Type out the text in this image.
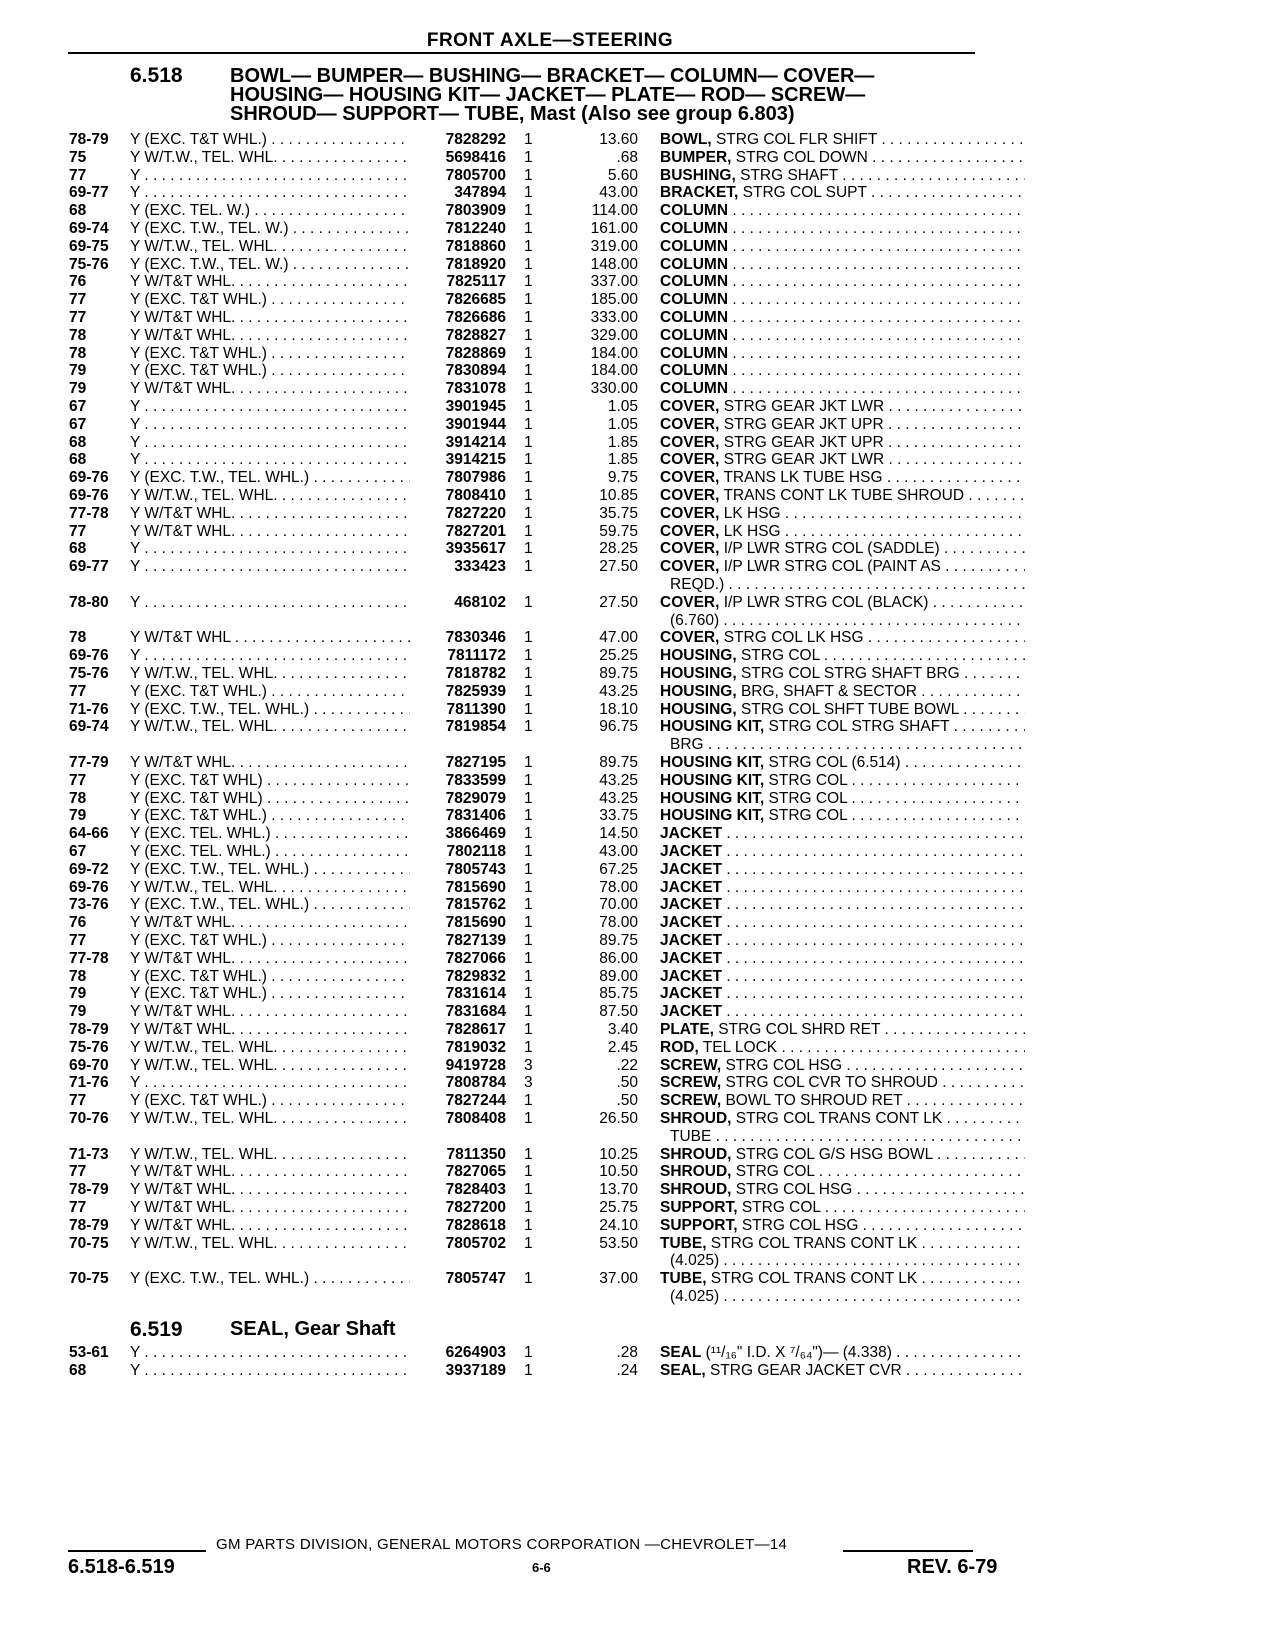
FRONT AXLE—STEERING
6.518 BOWL— BUMPER— BUSHING— BRACKET— COLUMN— COVER—
HOUSING— HOUSING KIT— JACKET— PLATE— ROD— SCREW—
SHROUD— SUPPORT— TUBE, Mast (Also see group 6.803)
78-79 Y (EXC. T&T WHL.) . . .	7828292 1	13.60 BOWL, STRG COL FLR SHIFT . . .
75	Y W/T.W., TEL. WHL. . . .	5698416 1	.68 BUMPER, STRG COL DOWN . . .
77	Y . . .	7805700 1	5.60 BUSHING, STRG SHAFT . . .
69-77 Y . . .	347894 1	43.00 BRACKET, STRG COL SUPT . . .
68	Y (EXC. TEL. W.) . . .	7803909 1	114.00 COLUMN . . .
69-74 Y (EXC. T.W., TEL. W.) . . .	7812240 1	161.00 COLUMN . . .
69-75 Y W/T.W., TEL. WHL. . . .	7818860 1	319.00 COLUMN . . .
75-76 Y (EXC. T.W., TEL. W.) . . .	7818920 1	148.00 COLUMN . . .
76	Y W/T&T WHL. . . .	7825117 1	337.00 COLUMN . . .
77	Y (EXC. T&T WHL.) . . .	7826685 1	185.00 COLUMN . . .
77	Y W/T&T WHL. . . .	7826686 1	333.00 COLUMN . . .
78	Y W/T&T WHL. . . .	7828827 1	329.00 COLUMN . . .
78	Y (EXC. T&T WHL.) . . .	7828869 1	184.00 COLUMN . . .
79	Y (EXC. T&T WHL.) . . .	7830894 1	184.00 COLUMN . . .
79	Y W/T&T WHL. . . .	7831078 1	330.00 COLUMN . . .
67	Y . . .	3901945 1	1.05 COVER, STRG GEAR JKT LWR . . .
67	Y . . .	3901944 1	1.05 COVER, STRG GEAR JKT UPR . . .
68	Y . . .	3914214 1	1.85 COVER, STRG GEAR JKT UPR . . .
68	Y . . .	3914215 1	1.85 COVER, STRG GEAR JKT LWR . . .
69-76 Y (EXC. T.W., TEL. WHL.) . . .	7807986 1	9.75 COVER, TRANS LK TUBE HSG . . .
69-76 Y W/T.W., TEL. WHL. . . .	7808410 1	10.85 COVER, TRANS CONT LK TUBE SHROUD . . .
77-78 Y W/T&T WHL. . . .	7827220 1	35.75 COVER, LK HSG . . .
77	Y W/T&T WHL. . . .	7827201 1	59.75 COVER, LK HSG . . .
68	Y . . .	3935617 1	28.25 COVER, I/P LWR STRG COL (SADDLE) . . .
69-77 Y . . .	333423 1	27.50 COVER, I/P LWR STRG COL (PAINT AS . . .
REQD.) . . .
78-80 Y . . .	468102 1	27.50 COVER, I/P LWR STRG COL (BLACK) . . .
(6.760) . . .
78	Y W/T&T WHL . . .	7830346 1	47.00 COVER, STRG COL LK HSG . . .
69-76 Y . . .	7811172 1	25.25 HOUSING, STRG COL . . .
75-76 Y W/T.W., TEL. WHL. . . .	7818782 1	89.75 HOUSING, STRG COL STRG SHAFT BRG . . .
77	Y (EXC. T&T WHL.) . . .	7825939 1	43.25 HOUSING, BRG, SHAFT & SECTOR . . .
71-76 Y (EXC. T.W., TEL. WHL.) . . .	7811390 1	18.10 HOUSING, STRG COL SHFT TUBE BOWL . . .
69-74 Y W/T.W., TEL. WHL. . . .	7819854 1	96.75 HOUSING KIT, STRG COL STRG SHAFT . . .
BRG . . .
77-79 Y W/T&T WHL. . . .	7827195 1	89.75 HOUSING KIT, STRG COL (6.514) . . .
77	Y (EXC. T&T WHL) . . .	7833599 1	43.25 HOUSING KIT, STRG COL . . .
78	Y (EXC. T&T WHL) . . .	7829079 1	43.25 HOUSING KIT, STRG COL . . .
79	Y (EXC. T&T WHL.) . . .	7831406 1	33.75 HOUSING KIT, STRG COL . . .
64-66 Y (EXC. TEL. WHL.) . . .	3866469 1	14.50 JACKET . . .
67	Y (EXC. TEL. WHL.) . . .	7802118 1	43.00 JACKET . . .
69-72 Y (EXC. T.W., TEL. WHL.) . . .	7805743 1	67.25 JACKET . . .
69-76 Y W/T.W., TEL. WHL. . . .	7815690 1	78.00 JACKET . . .
73-76 Y (EXC. T.W., TEL. WHL.) . . .	7815762 1	70.00 JACKET . . .
76	Y W/T&T WHL. . . .	7815690 1	78.00 JACKET . . .
77	Y (EXC. T&T WHL.) . . .	7827139 1	89.75 JACKET . . .
77-78 Y W/T&T WHL. . . .	7827066 1	86.00 JACKET . . .
78	Y (EXC. T&T WHL.) . . .	7829832 1	89.00 JACKET . . .
79	Y (EXC. T&T WHL.) . . .	7831614 1	85.75 JACKET . . .
79	Y W/T&T WHL. . . .	7831684 1	87.50 JACKET . . .
78-79 Y W/T&T WHL. . . .	7828617 1	3.40 PLATE, STRG COL SHRD RET . . .
75-76 Y W/T.W., TEL. WHL. . . .	7819032 1	2.45 ROD, TEL LOCK . . .
69-70 Y W/T.W., TEL. WHL. . . .	9419728 3	.22 SCREW, STRG COL HSG . . .
71-76 Y . . .	7808784 3	.50 SCREW, STRG COL CVR TO SHROUD . . .
77	Y (EXC. T&T WHL.) . . .	7827244 1	.50 SCREW, BOWL TO SHROUD RET . . .
70-76 Y W/T.W., TEL. WHL. . . .	7808408 1	26.50 SHROUD, STRG COL TRANS CONT LK . . .
TUBE . . .
71-73 Y W/T.W., TEL. WHL. . . .	7811350 1	10.25 SHROUD, STRG COL G/S HSG BOWL . . .
77	Y W/T&T WHL. . . .	7827065 1	10.50 SHROUD, STRG COL . . .
78-79 Y W/T&T WHL. . . .	7828403 1	13.70 SHROUD, STRG COL HSG . . .
77	Y W/T&T WHL. . . .	7827200 1	25.75 SUPPORT, STRG COL . . .
78-79 Y W/T&T WHL. . . .	7828618 1	24.10 SUPPORT, STRG COL HSG . . .
70-75 Y W/T.W., TEL. WHL. . . .	7805702 1	53.50 TUBE, STRG COL TRANS CONT LK . . .
(4.025) . . .
70-75 Y (EXC. T.W., TEL. WHL.) . . .	7805747 1	37.00 TUBE, STRG COL TRANS CONT LK . . .
(4.025) . . .
53-61 Y . . .	6264903 1	.28 SEAL (¹¹/₁₆" I.D. X ⁷/₆₄")— (4.338) . . .
68	Y . . .	3937189 1	.24 SEAL, STRG GEAR JACKET CVR . . .
6.519 SEAL, Gear Shaft
GM PARTS DIVISION, GENERAL MOTORS CORPORATION —CHEVROLET—14
6.518-6.519	6-6	REV. 6-79
